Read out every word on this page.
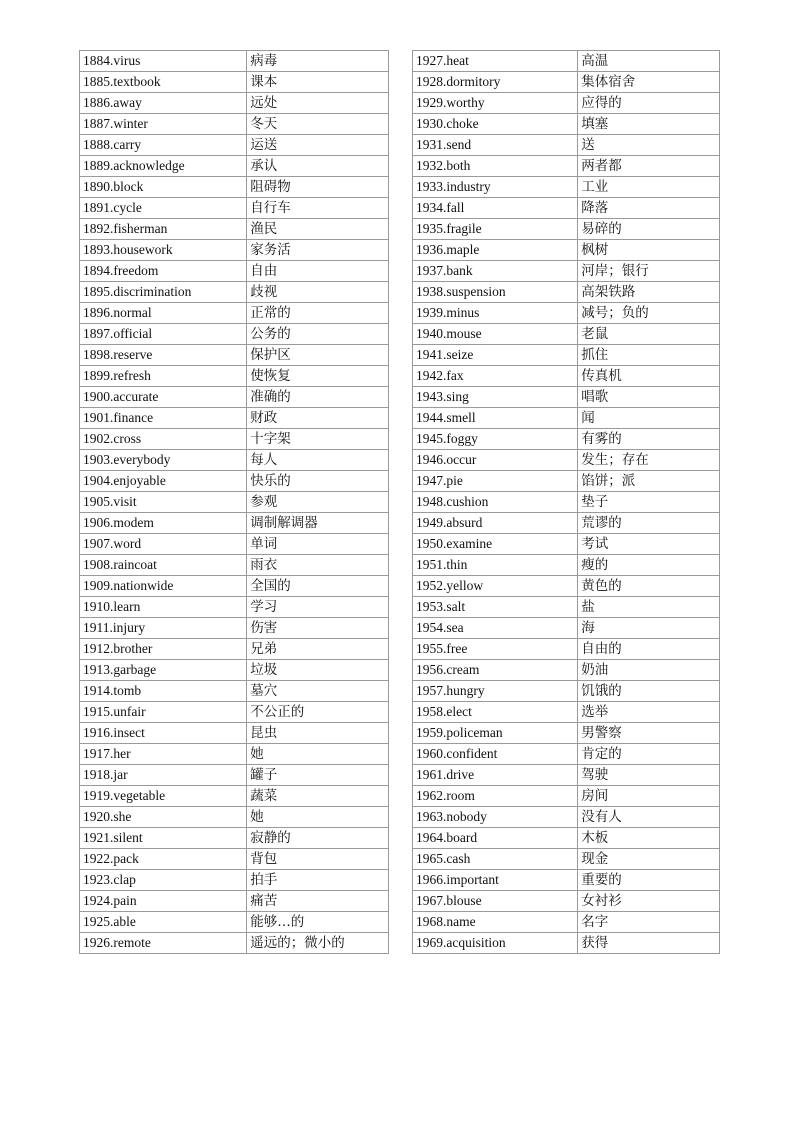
1884.virus	病毒
1885.textbook	课本
1886.away	远处
1887.winter	冬天
1888.carry	运送
1889.acknowledge	承认
1890.block	阻碍物
1891.cycle	自行车
1892.fisherman	渔民
1893.housework	家务活
1894.freedom	自由
1895.discrimination	歧视
1896.normal	正常的
1897.official	公务的
1898.reserve	保护区
1899.refresh	使恢复
1900.accurate	准确的
1901.finance	财政
1902.cross	十字架
1903.everybody	每人
1904.enjoyable	快乐的
1905.visit	参观
1906.modem	调制解调器
1907.word	单词
1908.raincoat	雨衣
1909.nationwide	全国的
1910.learn	学习
1911.injury	伤害
1912.brother	兄弟
1913.garbage	垃圾
1914.tomb	墓穴
1915.unfair	不公正的
1916.insect	昆虫
1917.her	她
1918.jar	罐子
1919.vegetable	蔬菜
1920.she	她
1921.silent	寂静的
1922.pack	背包
1923.clap	拍手
1924.pain	痛苦
1925.able	能够…的
1926.remote	遥远的；微小的
1927.heat	高温
1928.dormitory	集体宿舍
1929.worthy	应得的
1930.choke	填塞
1931.send	送
1932.both	两者都
1933.industry	工业
1934.fall	降落
1935.fragile	易碎的
1936.maple	枫树
1937.bank	河岸；银行
1938.suspension	高架铁路
1939.minus	减号；负的
1940.mouse	老鼠
1941.seize	抓住
1942.fax	传真机
1943.sing	唱歌
1944.smell	闻
1945.foggy	有雾的
1946.occur	发生；存在
1947.pie	馅饼；派
1948.cushion	垫子
1949.absurd	荒谬的
1950.examine	考试
1951.thin	瘦的
1952.yellow	黄色的
1953.salt	盐
1954.sea	海
1955.free	自由的
1956.cream	奶油
1957.hungry	饥饿的
1958.elect	选举
1959.policeman	男警察
1960.confident	肯定的
1961.drive	驾驶
1962.room	房间
1963.nobody	没有人
1964.board	木板
1965.cash	现金
1966.important	重要的
1967.blouse	女衬衫
1968.name	名字
1969.acquisition	获得
